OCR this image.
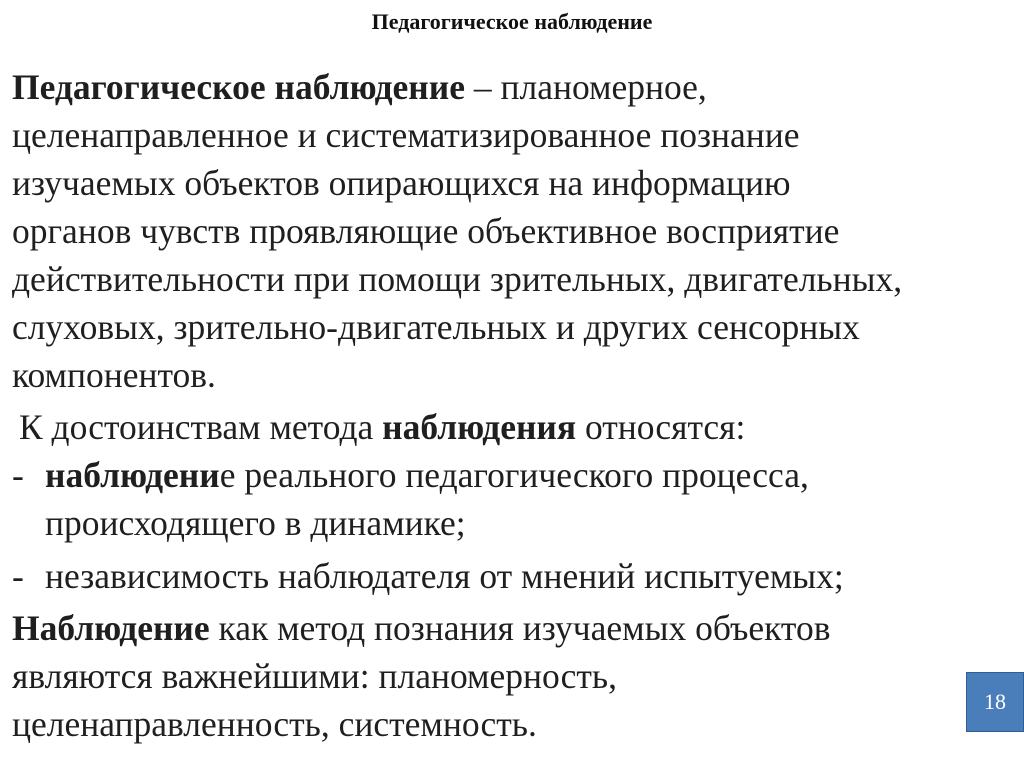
Педагогическое наблюдение
Педагогическое наблюдение – планомерное,
целенаправленное и систематизированное познание
изучаемых объектов опирающихся на информацию
органов чувств проявляющие объективное восприятие
действительности при помощи зрительных, двигательных,
слуховых, зрительно-двигательных и других сенсорных
компонентов.
К достоинствам метода наблюдения относятся:
- наблюдение реального педагогического процесса,
происходящего в динамике;
- независимость наблюдателя от мнений испытуемых;
Наблюдение как метод познания изучаемых объектов
являются важнейшими: планомерность,
целенаправленность, системность.
18
